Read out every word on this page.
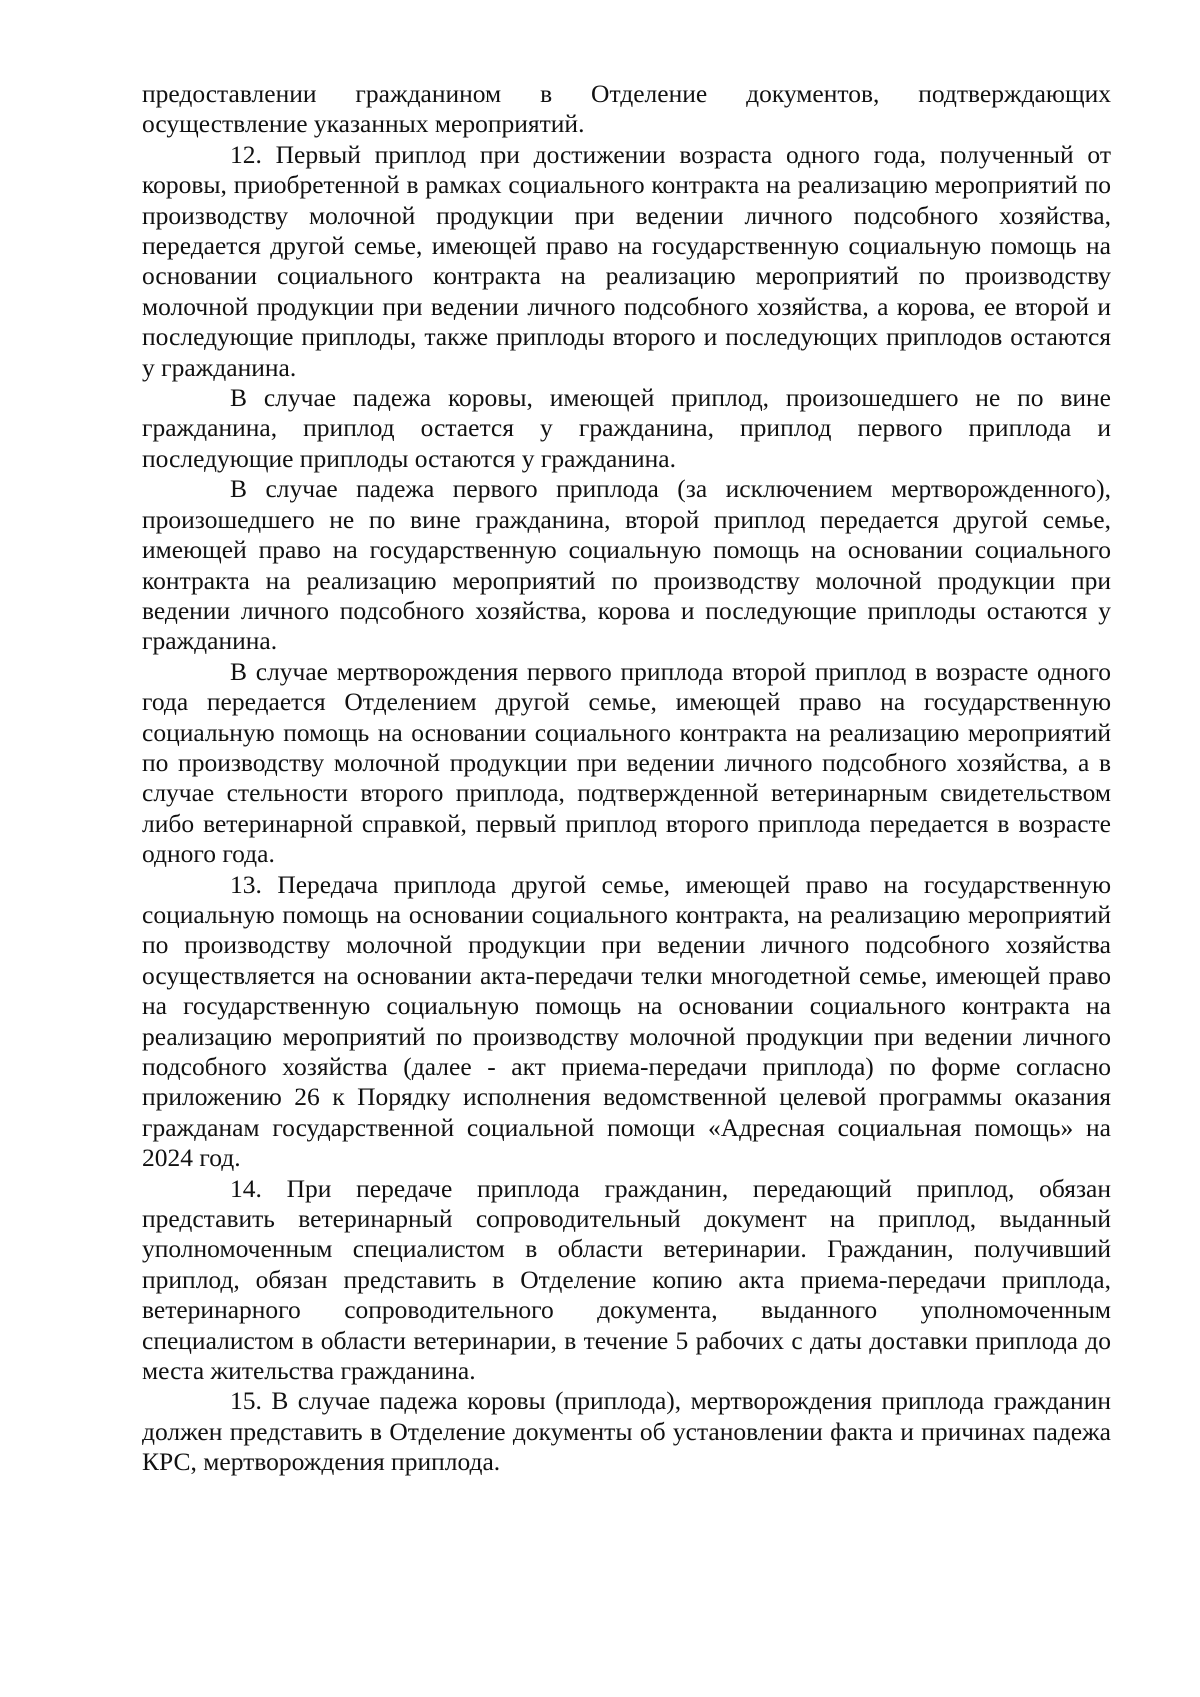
предоставлении гражданином в Отделение документов, подтверждающих осуществление указанных мероприятий.

12. Первый приплод при достижении возраста одного года, полученный от коровы, приобретенной в рамках социального контракта на реализацию мероприятий по производству молочной продукции при ведении личного подсобного хозяйства, передается другой семье, имеющей право на государственную социальную помощь на основании социального контракта на реализацию мероприятий по производству молочной продукции при ведении личного подсобного хозяйства, а корова, ее второй и последующие приплоды, также приплоды второго и последующих приплодов остаются у гражданина.

В случае падежа коровы, имеющей приплод, произошедшего не по вине гражданина, приплод остается у гражданина, приплод первого приплода и последующие приплоды остаются у гражданина.

В случае падежа первого приплода (за исключением мертворожденного), произошедшего не по вине гражданина, второй приплод передается другой семье, имеющей право на государственную социальную помощь на основании социального контракта на реализацию мероприятий по производству молочной продукции при ведении личного подсобного хозяйства, корова и последующие приплоды остаются у гражданина.

В случае мертворождения первого приплода второй приплод в возрасте одного года передается Отделением другой семье, имеющей право на государственную социальную помощь на основании социального контракта на реализацию мероприятий по производству молочной продукции при ведении личного подсобного хозяйства, а в случае стельности второго приплода, подтвержденной ветеринарным свидетельством либо ветеринарной справкой, первый приплод второго приплода передается в возрасте одного года.

13. Передача приплода другой семье, имеющей право на государственную социальную помощь на основании социального контракта, на реализацию мероприятий по производству молочной продукции при ведении личного подсобного хозяйства осуществляется на основании акта-передачи телки многодетной семье, имеющей право на государственную социальную помощь на основании социального контракта на реализацию мероприятий по производству молочной продукции при ведении личного подсобного хозяйства (далее - акт приема-передачи приплода) по форме согласно приложению 26 к Порядку исполнения ведомственной целевой программы оказания гражданам государственной социальной помощи «Адресная социальная помощь» на 2024 год.

14. При передаче приплода гражданин, передающий приплод, обязан представить ветеринарный сопроводительный документ на приплод, выданный уполномоченным специалистом в области ветеринарии. Гражданин, получивший приплод, обязан представить в Отделение копию акта приема-передачи приплода, ветеринарного сопроводительного документа, выданного уполномоченным специалистом в области ветеринарии, в течение 5 рабочих с даты доставки приплода до места жительства гражданина.

15. В случае падежа коровы (приплода), мертворождения приплода гражданин должен представить в Отделение документы об установлении факта и причинах падежа КРС, мертворождения приплода.
